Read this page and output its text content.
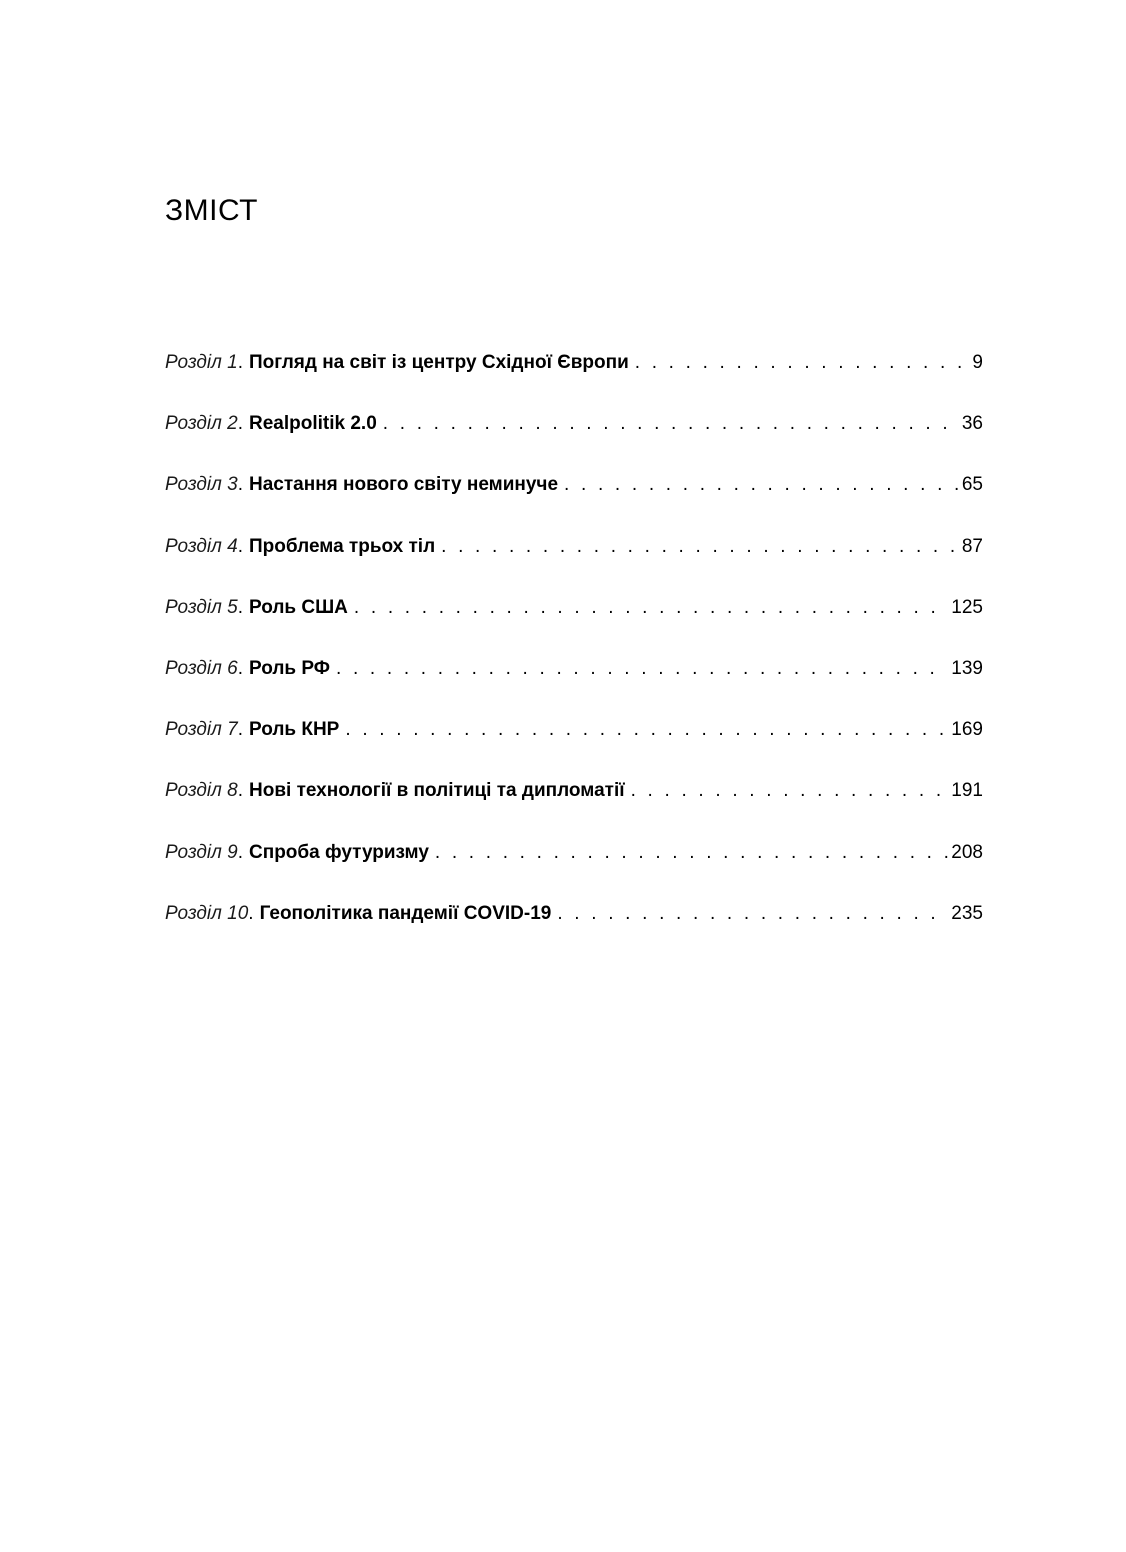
ЗМІСТ
Розділ 1 . Погляд на світ із центру Східної Європи . . .	9
Розділ 2 . Realpolitik 2.0 . . .	36
Розділ 3 . Настання нового світу неминуче . . .	65
Розділ 4 . Проблема трьох тіл . . .	87
Розділ 5 . Роль США . . .	125
Розділ 6 . Роль РФ . . .	139
Розділ 7 . Роль КНР . . .	169
Розділ 8 . Нові технології в політиці та дипломатії . . .	191
Розділ 9 . Спроба футуризму . . .	208
Розділ 10 . Геополітика пандемії COVID-19 . . .	235
